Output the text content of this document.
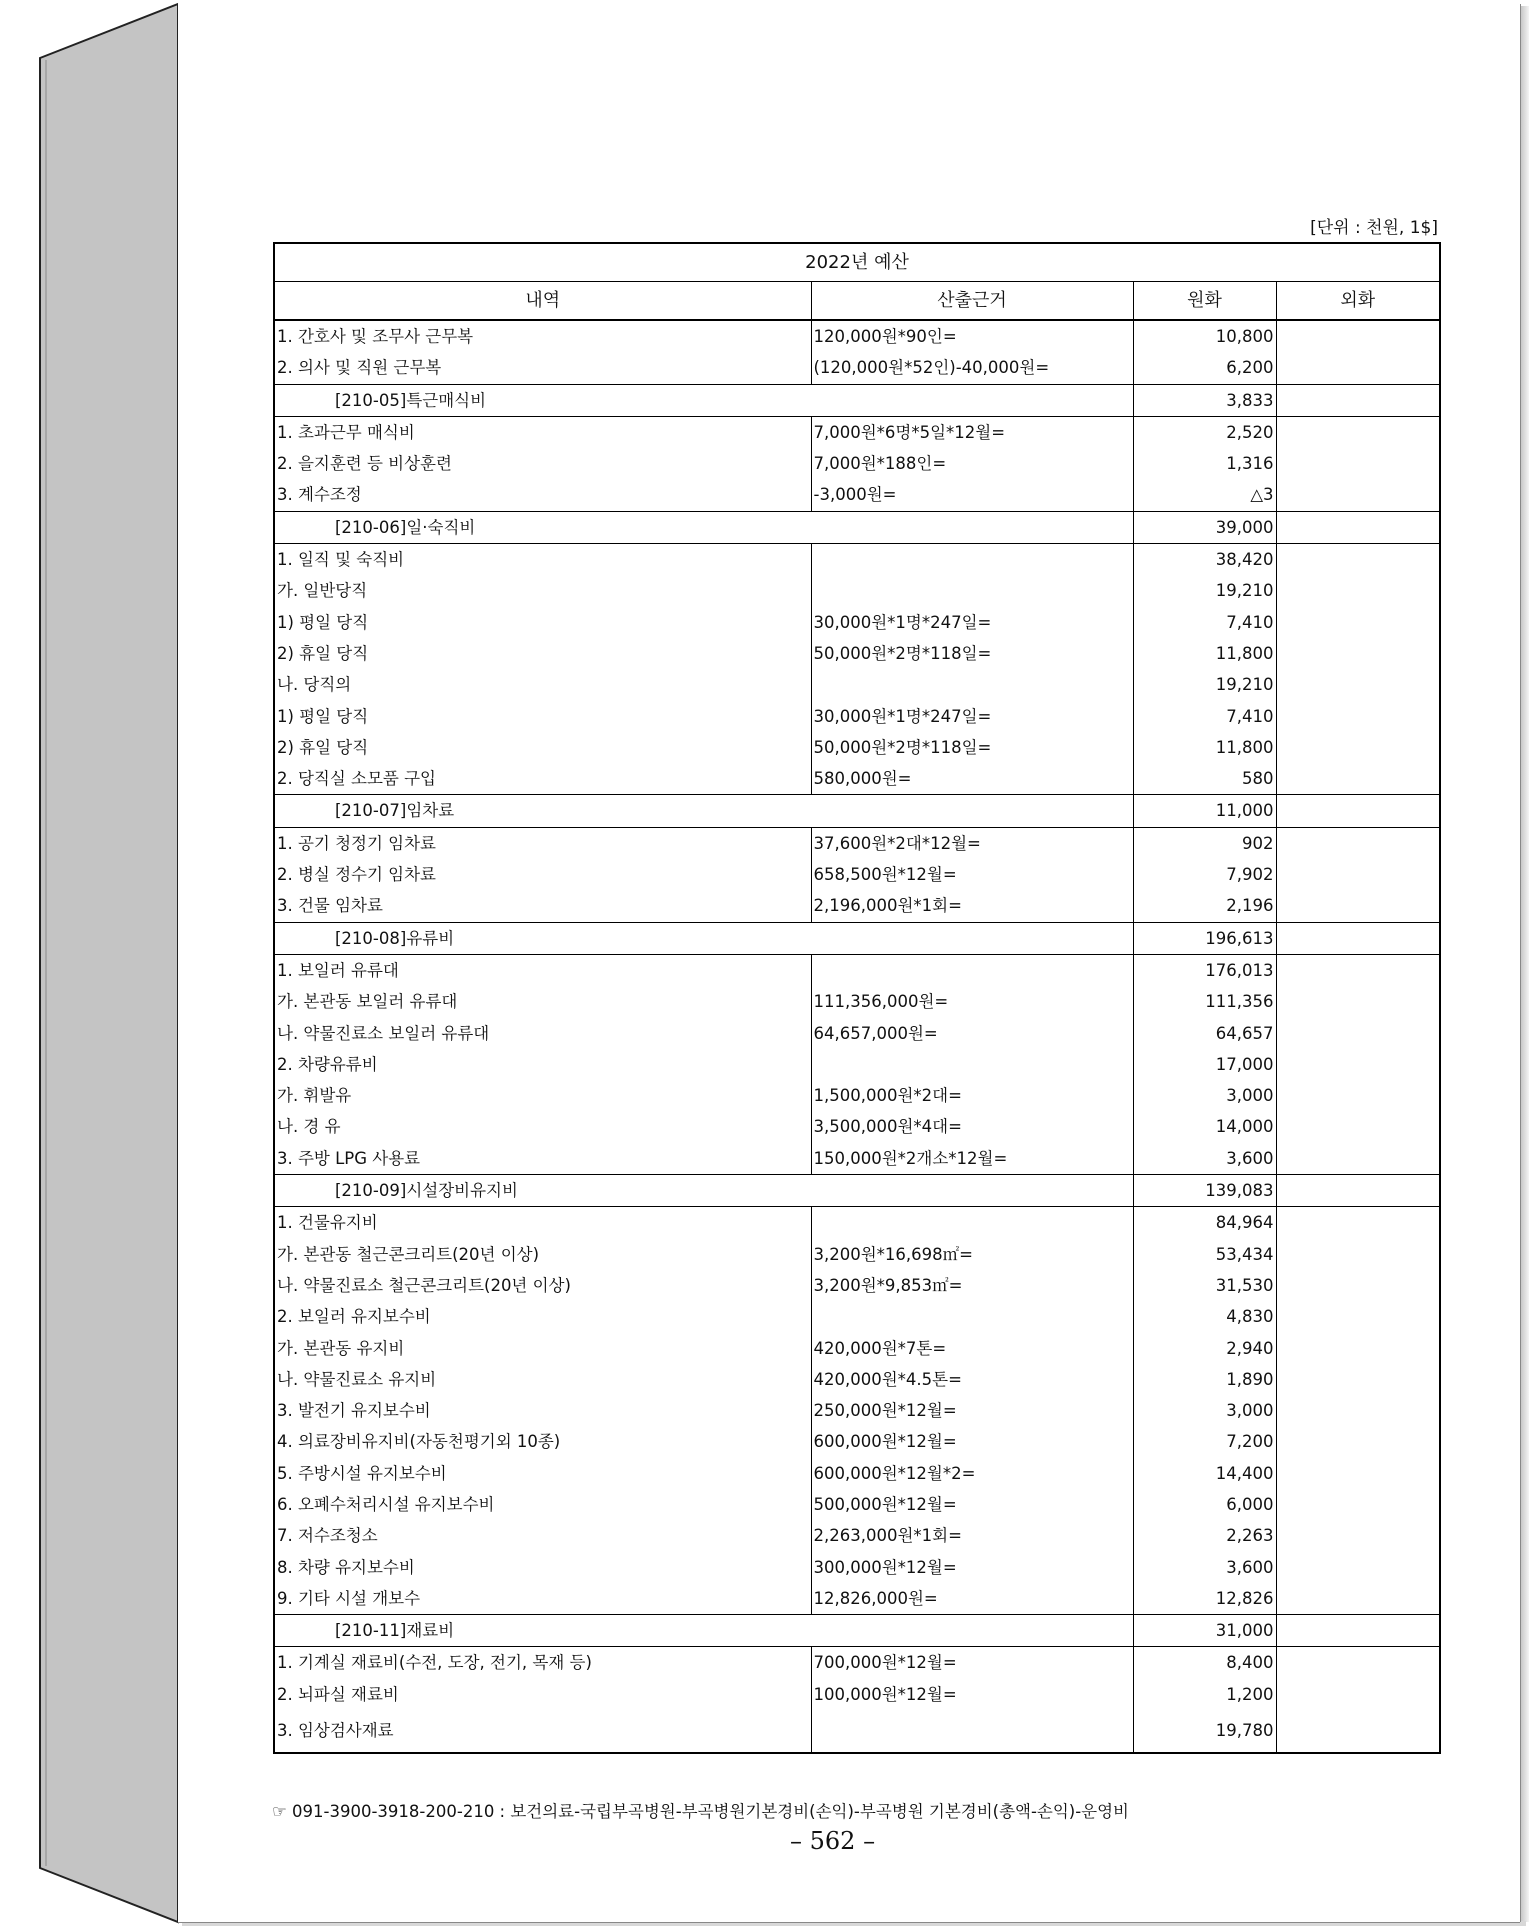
[단위 : 천원, 1$]
2022년 예산			
내역	산출근거	원화	외화
1. 간호사 및 조무사 근무복	120,000원*90인=	10,800	
2. 의사 및 직원 근무복	(120,000원*52인)-40,000원=	6,200	
[210-05]특근매식비		3,833	
1. 초과근무 매식비	7,000원*6명*5일*12월=	2,520	
2. 을지훈련 등 비상훈련	7,000원*188인=	1,316	
3. 계수조정	-3,000원=	△3	
[210-06]일·숙직비		39,000	
1. 일직 및 숙직비		38,420	
가. 일반당직		19,210	
1) 평일 당직	30,000원*1명*247일=	7,410	
2) 휴일 당직	50,000원*2명*118일=	11,800	
나. 당직의		19,210	
1) 평일 당직	30,000원*1명*247일=	7,410	
2) 휴일 당직	50,000원*2명*118일=	11,800	
2. 당직실 소모품 구입	580,000원=	580	
[210-07]임차료		11,000	
1. 공기 청정기 임차료	37,600원*2대*12월=	902	
2. 병실 정수기 임차료	658,500원*12월=	7,902	
3. 건물 임차료	2,196,000원*1회=	2,196	
[210-08]유류비		196,613	
1. 보일러 유류대		176,013	
가. 본관동 보일러 유류대	111,356,000원=	111,356	
나. 약물진료소 보일러 유류대	64,657,000원=	64,657	
2. 차량유류비		17,000	
가. 휘발유	1,500,000원*2대=	3,000	
나. 경 유	3,500,000원*4대=	14,000	
3. 주방 LPG 사용료	150,000원*2개소*12월=	3,600	
[210-09]시설장비유지비		139,083	
1. 건물유지비		84,964	
가. 본관동 철근콘크리트(20년 이상)	3,200원*16,698㎡=	53,434	
나. 약물진료소 철근콘크리트(20년 이상)	3,200원*9,853㎡=	31,530	
2. 보일러 유지보수비		4,830	
가. 본관동 유지비	420,000원*7톤=	2,940	
나. 약물진료소 유지비	420,000원*4.5톤=	1,890	
3. 발전기 유지보수비	250,000원*12월=	3,000	
4. 의료장비유지비(자동천평기외 10종)	600,000원*12월=	7,200	
5. 주방시설 유지보수비	600,000원*12월*2=	14,400	
6. 오폐수처리시설 유지보수비	500,000원*12월=	6,000	
7. 저수조청소	2,263,000원*1회=	2,263	
8. 차량 유지보수비	300,000원*12월=	3,600	
9. 기타 시설 개보수	12,826,000원=	12,826	
[210-11]재료비		31,000	
1. 기계실 재료비(수전, 도장, 전기, 목재 등)	700,000원*12월=	8,400	
2. 뇌파실 재료비	100,000원*12월=	1,200	
3. 임상검사재료		19,780	
☞ 091-3900-3918-200-210 : 보건의료-국립부곡병원-부곡병원기본경비(손익)-부곡병원 기본경비(총액-손익)-운영비
– 562 –
